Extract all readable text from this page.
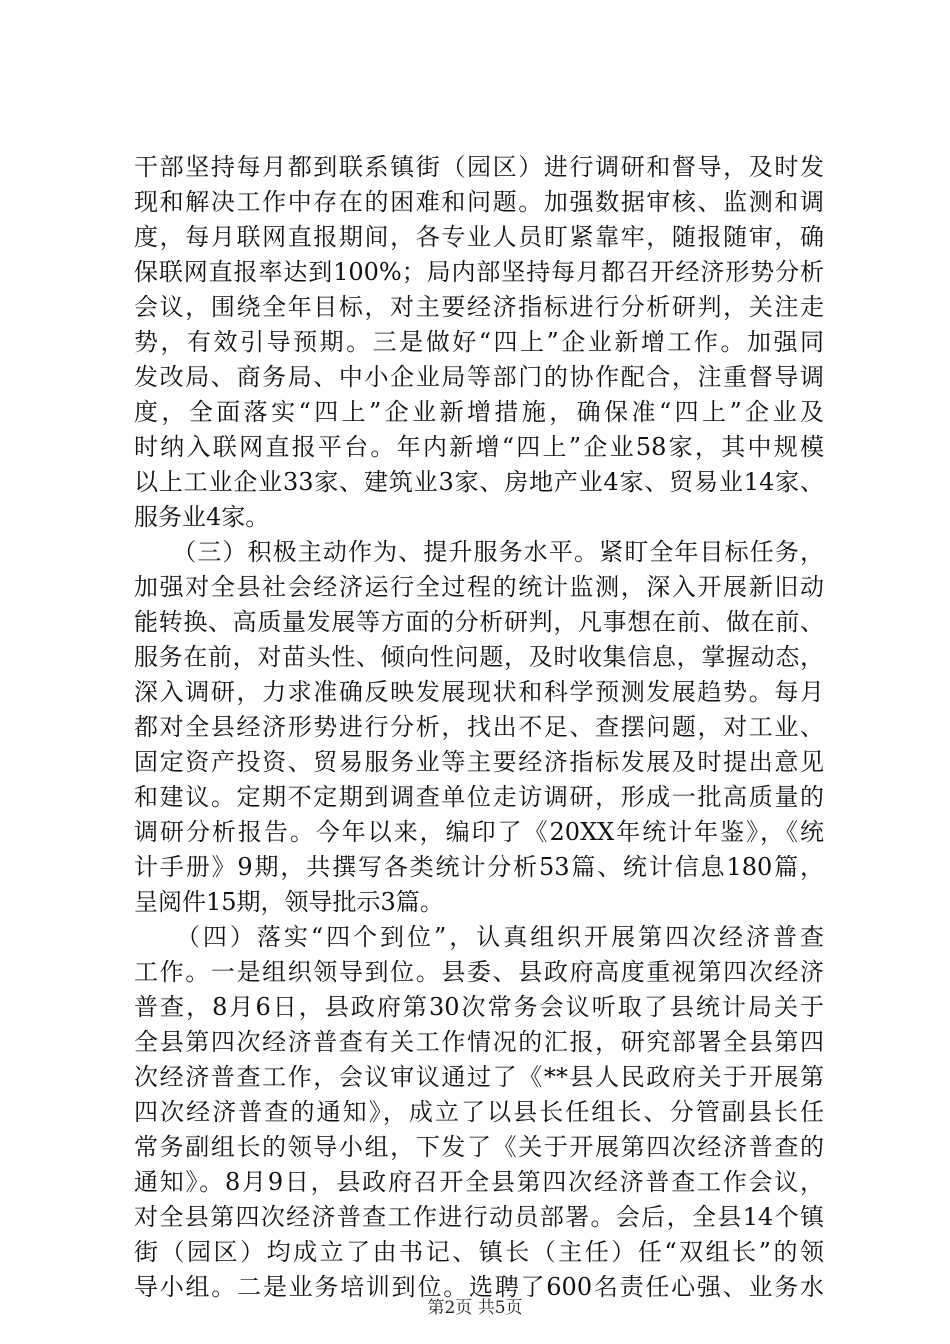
干部坚持每月都到联系镇街（园区）进行调研和督导，及时发
现和解决工作中存在的困难和问题。加强数据审核、监测和调
度，每月联网直报期间，各专业人员盯紧靠牢，随报随审，确
保联网直报率达到100%；局内部坚持每月都召开经济形势分析
会议，围绕全年目标，对主要经济指标进行分析研判，关注走
势，有效引导预期。三是做好“四上”企业新增工作。加强同
发改局、商务局、中小企业局等部门的协作配合，注重督导调
度，全面落实“四上”企业新增措施，确保准“四上”企业及
时纳入联网直报平台。年内新增“四上”企业58家，其中规模
以上工业企业33家、建筑业3家、房地产业4家、贸易业14家、
服务业4家。
　　（三）积极主动作为、提升服务水平。紧盯全年目标任务，
加强对全县社会经济运行全过程的统计监测，深入开展新旧动
能转换、高质量发展等方面的分析研判，凡事想在前、做在前、
服务在前，对苗头性、倾向性问题，及时收集信息，掌握动态，
深入调研，力求准确反映发展现状和科学预测发展趋势。每月
都对全县经济形势进行分析，找出不足、查摆问题，对工业、
固定资产投资、贸易服务业等主要经济指标发展及时提出意见
和建议。定期不定期到调查单位走访调研，形成一批高质量的
调研分析报告。今年以来，编印了《20XX年统计年鉴》，《统
计手册》9期，共撰写各类统计分析53篇、统计信息180篇，
呈阅件15期，领导批示3篇。
　　（四）落实“四个到位”，认真组织开展第四次经济普查
工作。一是组织领导到位。县委、县政府高度重视第四次经济
普查，8月6日，县政府第30次常务会议听取了县统计局关于
全县第四次经济普查有关工作情况的汇报，研究部署全县第四
次经济普查工作，会议审议通过了《**县人民政府关于开展第
四次经济普查的通知》，成立了以县长任组长、分管副县长任
常务副组长的领导小组，下发了《关于开展第四次经济普查的
通知》。8月9日，县政府召开全县第四次经济普查工作会议，
对全县第四次经济普查工作进行动员部署。会后，全县14个镇
街（园区）均成立了由书记、镇长（主任）任“双组长”的领
导小组。二是业务培训到位。选聘了600名责任心强、业务水
第2页 共5页
